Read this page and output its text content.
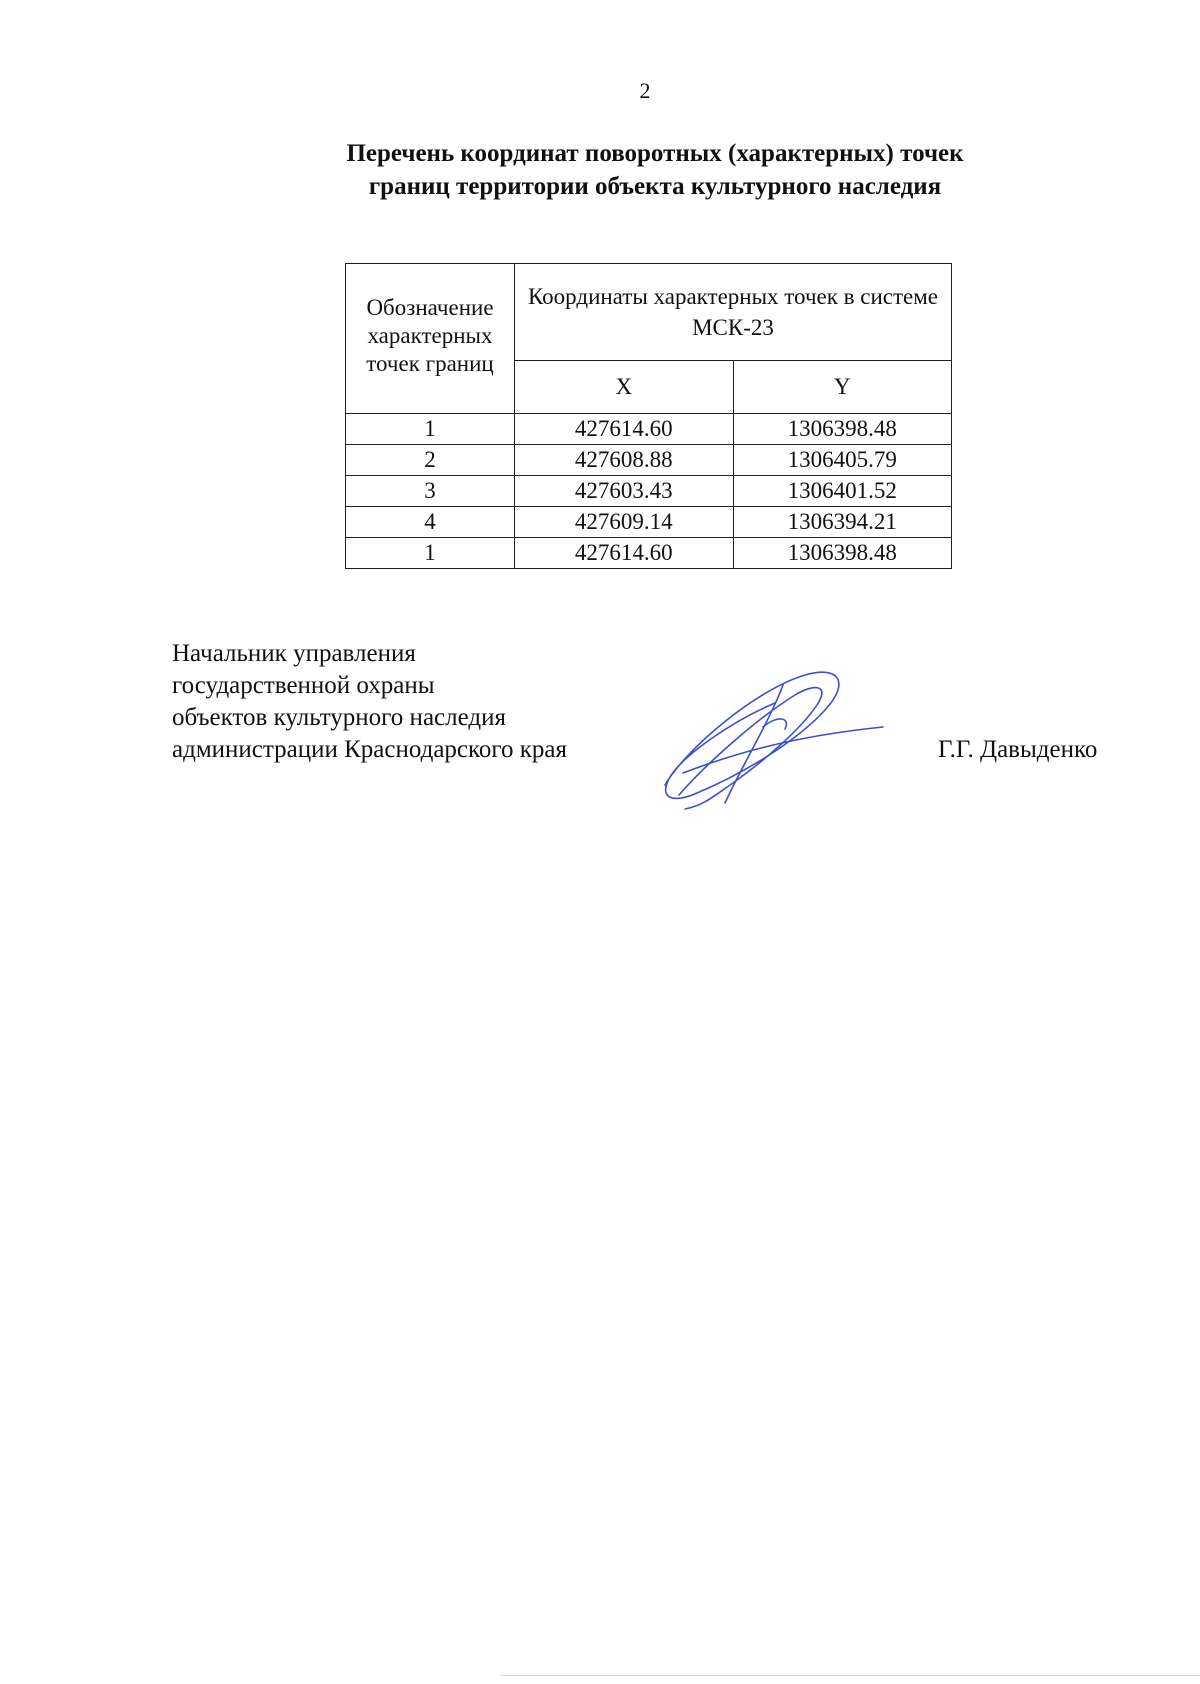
2
Перечень координат поворотных (характерных) точек
границ территории объекта культурного наследия
Обозначение характерных точек границ	Координаты характерных точек в системе МСК-23	
	X	Y
1	427614.60	1306398.48
2	427608.88	1306405.79
3	427603.43	1306401.52
4	427609.14	1306394.21
1	427614.60	1306398.48
Начальник управления
государственной охраны
объектов культурного наследия
администрации Краснодарского края	Г.Г. Давыденко
